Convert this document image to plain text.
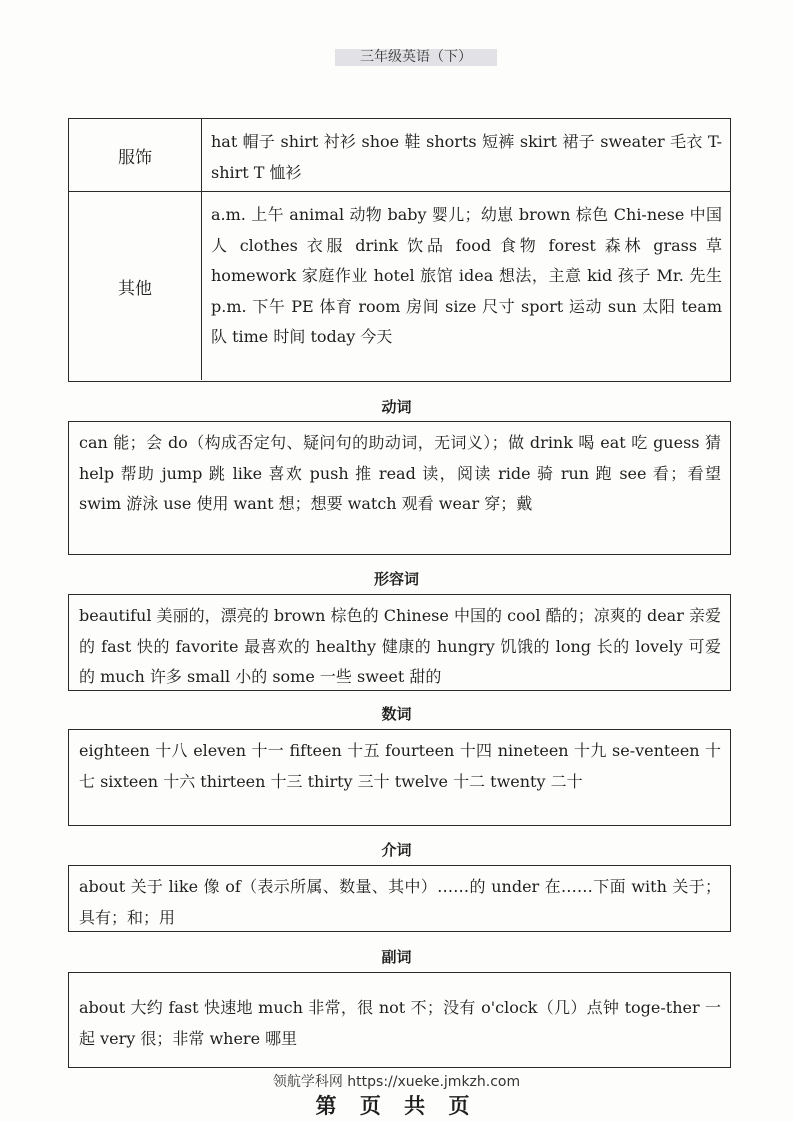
三年级英语（下）
服饰
hat 帽子 shirt 衬衫 shoe 鞋 shorts 短裤 skirt 裙子 sweater 毛衣 T-shirt T 恤衫
其他
a.m. 上午 animal 动物 baby 婴儿；幼崽 brown 棕色 Chi-nese 中国人 clothes 衣服 drink 饮品 food 食物 forest 森林 grass 草 homework 家庭作业 hotel 旅馆 idea 想法，主意 kid 孩子 Mr. 先生 p.m. 下午 PE 体育 room 房间 size 尺寸 sport 运动 sun 太阳 team 队 time 时间 today 今天
动词
can 能；会 do（构成否定句、疑问句的助动词，无词义）；做 drink 喝 eat 吃 guess 猜 help 帮助 jump 跳 like 喜欢 push 推 read 读，阅读 ride 骑 run 跑 see 看；看望 swim 游泳 use 使用 want 想；想要 watch 观看 wear 穿；戴
形容词
beautiful 美丽的，漂亮的 brown 棕色的 Chinese 中国的 cool 酷的；凉爽的 dear 亲爱的 fast 快的 favorite 最喜欢的 healthy 健康的 hungry 饥饿的 long 长的 lovely 可爱的 much 许多 small 小的 some 一些 sweet 甜的
数词
eighteen 十八 eleven 十一 fifteen 十五 fourteen 十四 nineteen 十九 se-venteen 十七 sixteen 十六 thirteen 十三 thirty 三十 twelve 十二 twenty 二十
介词
about 关于 like 像 of（表示所属、数量、其中）……的 under 在……下面 with 关于；具有；和；用
副词
about 大约 fast 快速地 much 非常，很 not 不；没有 o'clock（几）点钟 toge-ther 一起 very 很；非常 where 哪里
领航学科网 https://xueke.jmkzh.com
第 页 共 页
